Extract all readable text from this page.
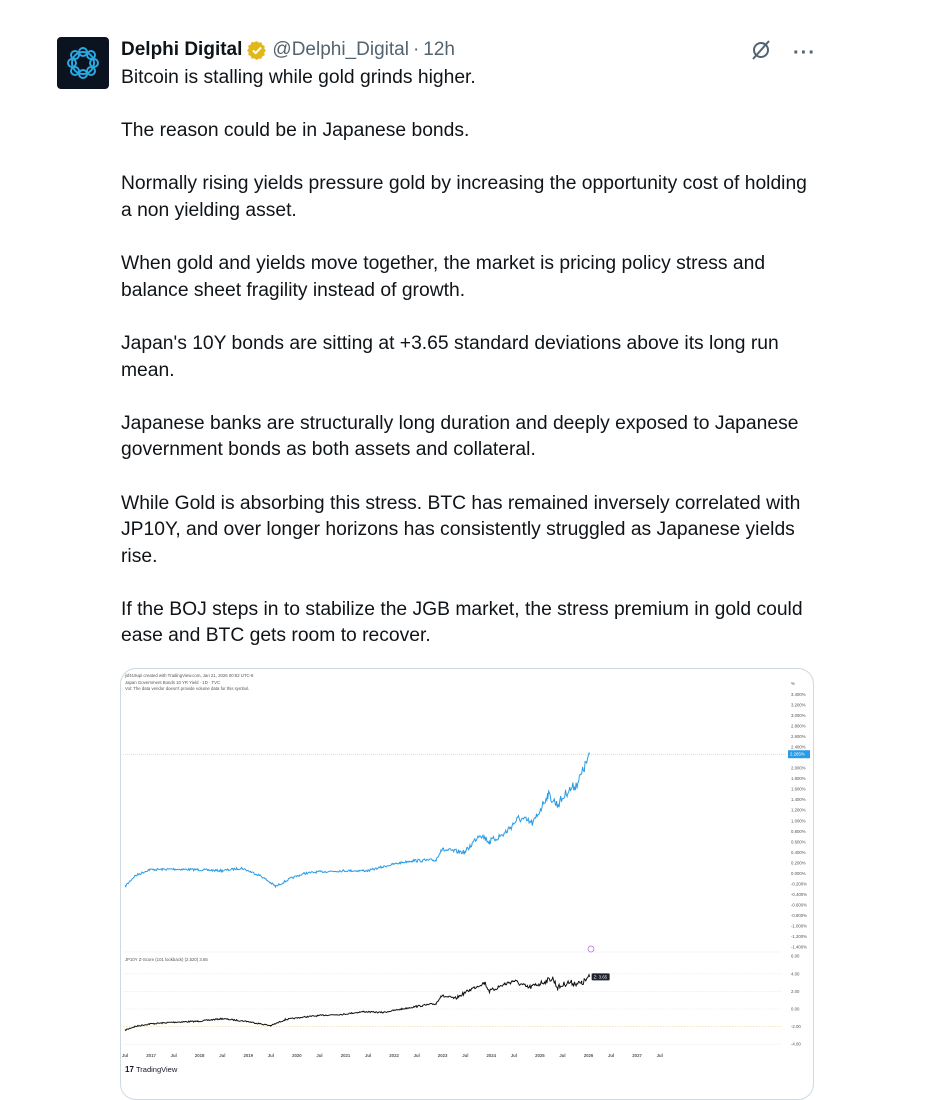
Delphi Digital @Delphi_Digital · 12h	···

Bitcoin is stalling while gold grinds higher.

The reason could be in Japanese bonds.

Normally rising yields pressure gold by increasing the opportunity cost of holding a non yielding asset.

When gold and yields move together, the market is pricing policy stress and balance sheet fragility instead of growth.

Japan's 10Y bonds are sitting at +3.65 standard deviations above its long run mean.

Japanese banks are structurally long duration and deeply exposed to Japanese government bonds as both assets and collateral.

While Gold is absorbing this stress. BTC has remained inversely correlated with JP10Y, and over longer horizons has consistently struggled as Japanese yields rise.

If the BOJ steps in to stabilize the JGB market, the stress premium in gold could ease and BTC gets room to recover.

jsf419upi created with TradingView.com, Jan 21, 2026 00:52 UTC-8
Japan Government Bonds 10 YR Yield · 1D · TVC
Vol: The data vendor doesn't provide volume data for this symbol.
%
JP10Y Z-Score (101 lookback) (2,520) 3.65
3.400%
3.200%
3.000%
2.800%
2.600%
2.400%
2.000%
1.800%
1.600%
1.400%
1.200%
1.000%
0.800%
0.600%
0.400%
0.200%
0.000%
-0.200%
-0.400%
-0.600%
-0.800%
-1.000%
-1.200%
-1.400%
2.265%
6.00
4.00
2.00
0.00
-2.00
-4.00
Z: 3.65
Jul	2017	Jul	2018	Jul	2019	Jul	2020	Jul	2021	Jul	2022	Jul	2023	Jul	2024	Jul	2025	Jul	2026	Jul	2027	Jul
17 TradingView
